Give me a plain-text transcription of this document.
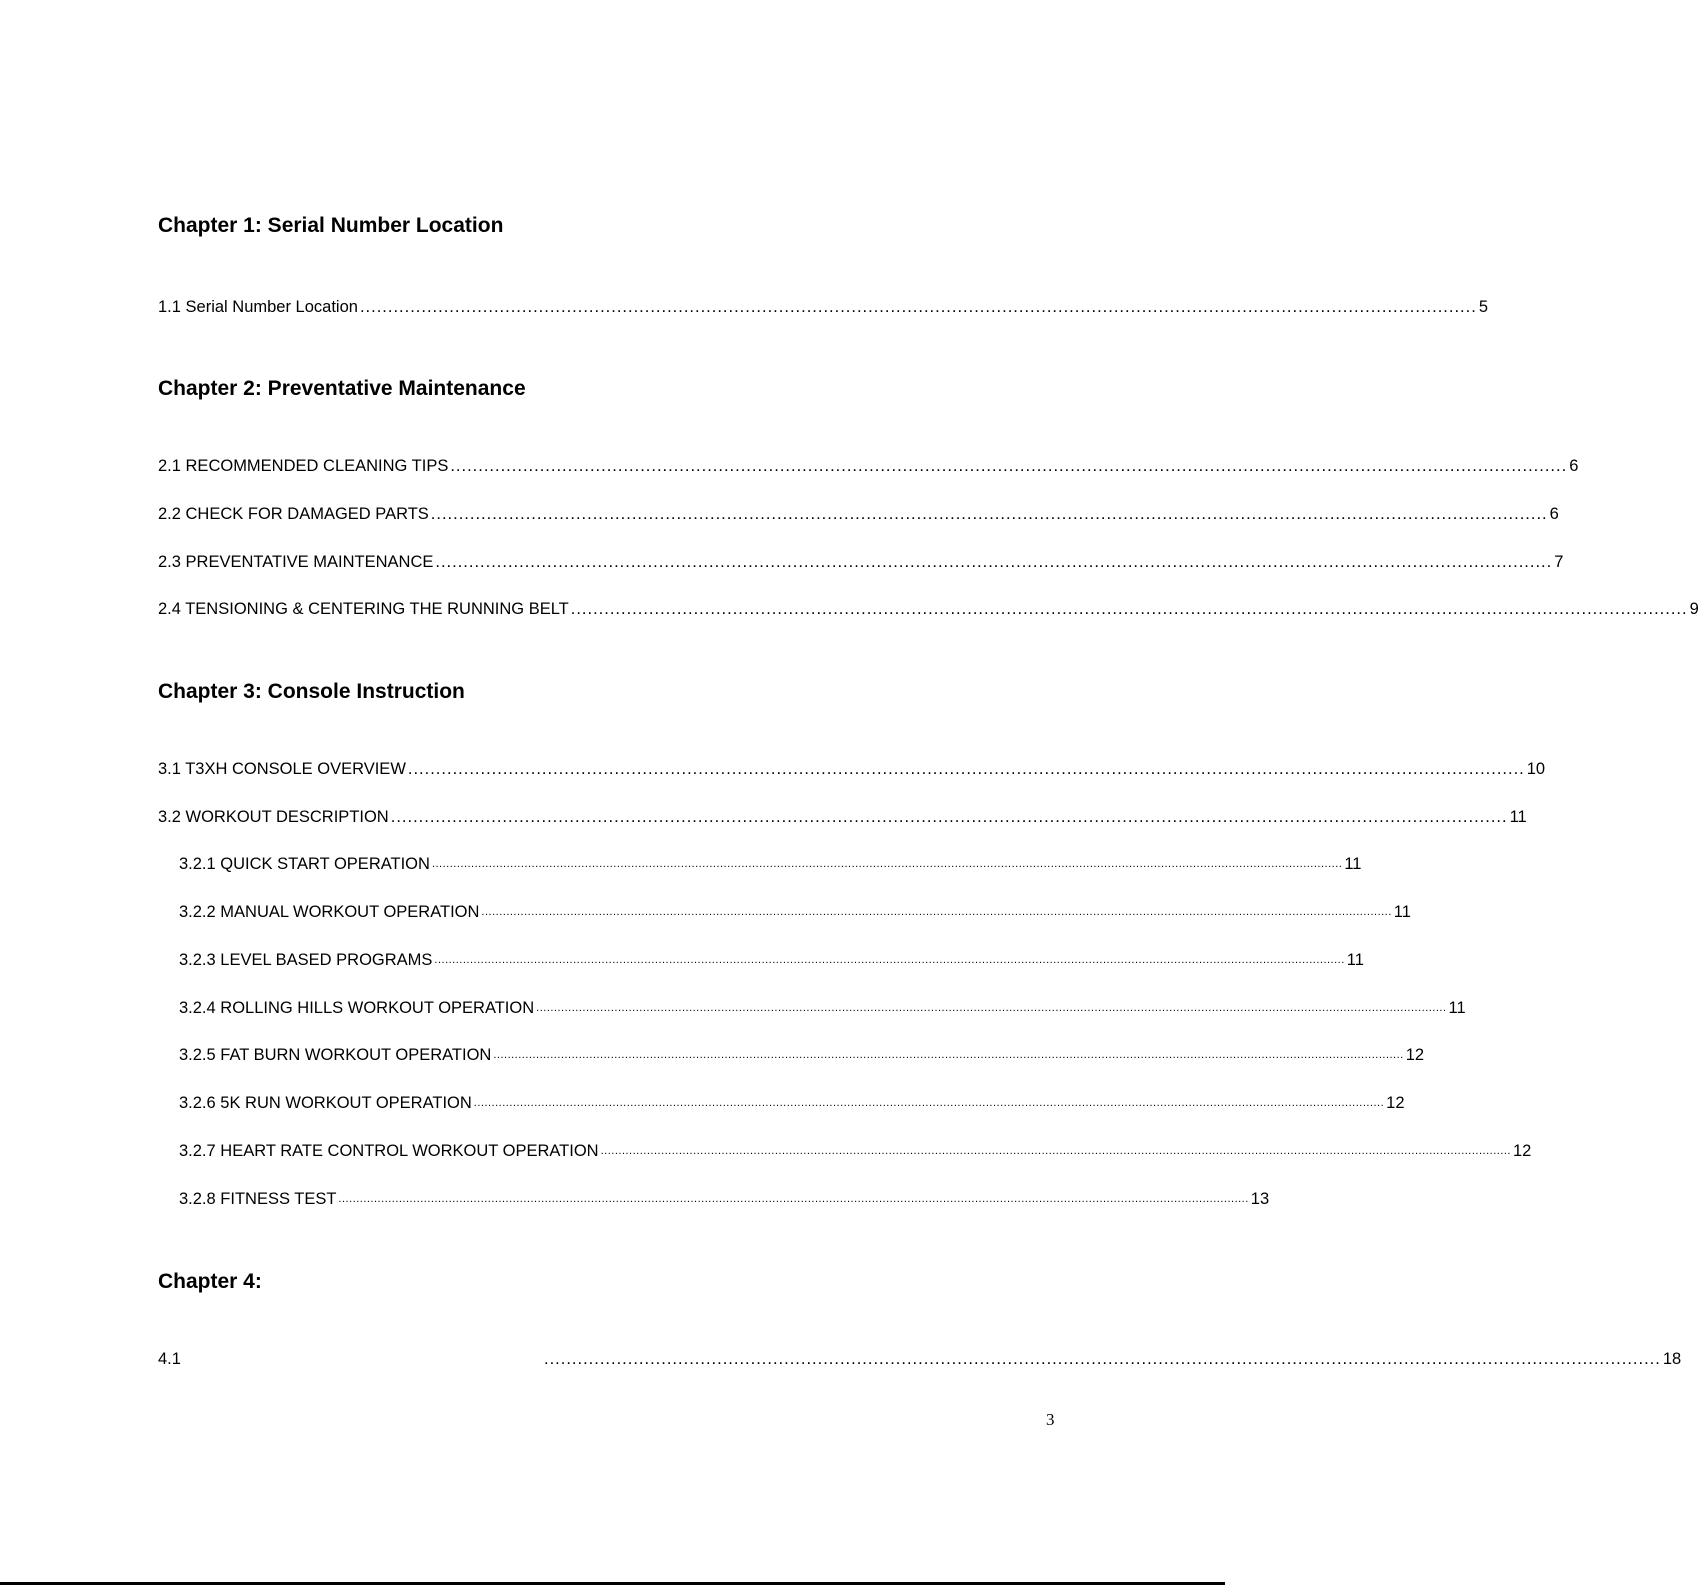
Chapter 1: Serial Number Location
1.1 Serial Number Location ........................................................................................................................................................................................................ 5
Chapter 2: Preventative Maintenance
2.1 RECOMMENDED CLEANING TIPS ........................................................................................................................................................................................................ 6
2.2 CHECK FOR DAMAGED PARTS ........................................................................................................................................................................................................ 6
2.3 PREVENTATIVE MAINTENANCE ........................................................................................................................................................................................................ 7
2.4 TENSIONING & CENTERING THE RUNNING BELT ........................................................................................................................................................................................................ 9
Chapter 3: Console Instruction
3.1 T3XH CONSOLE OVERVIEW ........................................................................................................................................................................................................ 10
3.2 WORKOUT DESCRIPTION ........................................................................................................................................................................................................ 11
3.2.1 QUICK START OPERATION ................................................................................................................................................................................................................................................................ 11
3.2.2 MANUAL WORKOUT OPERATION ................................................................................................................................................................................................................................................................ 11
3.2.3 LEVEL BASED PROGRAMS ................................................................................................................................................................................................................................................................ 11
3.2.4 ROLLING HILLS WORKOUT OPERATION ................................................................................................................................................................................................................................................................ 11
3.2.5 FAT BURN WORKOUT OPERATION ................................................................................................................................................................................................................................................................ 12
3.2.6 5K RUN WORKOUT OPERATION ................................................................................................................................................................................................................................................................ 12
3.2.7 HEART RATE CONTROL WORKOUT OPERATION ................................................................................................................................................................................................................................................................ 12
3.2.8 FITNESS TEST ................................................................................................................................................................................................................................................................ 13
Chapter 4:
4.1	........................................................................................................................................................................................................ 18
3
